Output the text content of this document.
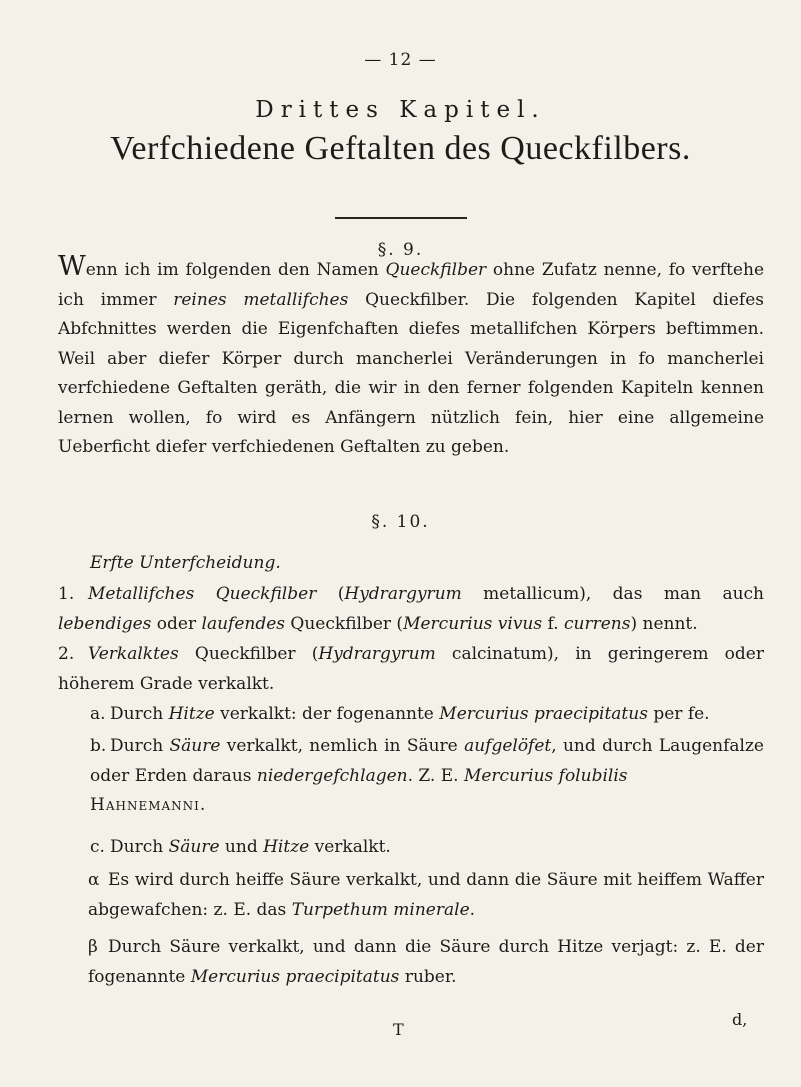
— 12 —
Drittes Kapitel.
Verfchiedene Geftalten des Queckfilbers.
§. 9.

Wenn ich im folgenden den Namen Queckfilber ohne Zufatz nenne, fo verftehe ich immer reines metallifches Queckfilber. Die folgenden Kapitel diefes Abfchnittes werden die Eigenfchaften diefes metallifchen Körpers beftimmen. Weil aber diefer Körper durch mancherlei Veränderungen in fo mancherlei verfchiedene Geftalten geräth, die wir in den ferner folgenden Kapiteln kennen lernen wollen, fo wird es Anfängern nützlich fein, hier eine allgemeine Ueberficht diefer verfchiedenen Geftalten zu geben.

§. 10.
Erfte Unterfcheidung.
1. Metallifches Queckfilber (Hydrargyrum metallicum), das man auch lebendiges oder laufendes Queckfilber (Mercurius vivus f. currens) nennt.
2. Verkalktes Queckfilber (Hydrargyrum calcinatum), in geringerem oder höherem Grade verkalkt.
a. Durch Hitze verkalkt: der fogenannte Mercurius praecipitatus per fe.
b. Durch Säure verkalkt, nemlich in Säure aufgelöfet, und durch Laugenfalze oder Erden daraus niedergefchlagen. Z. E. Mercurius folubilis
Hahnemanni.
c. Durch Säure und Hitze verkalkt.
α Es wird durch heiffe Säure verkalkt, und dann die Säure mit heiffem Waffer abgewafchen: z. E. das Turpethum minerale.
β Durch Säure verkalkt, und dann die Säure durch Hitze verjagt: z. E. der fogenannte Mercurius praecipitatus ruber.
T
d,
